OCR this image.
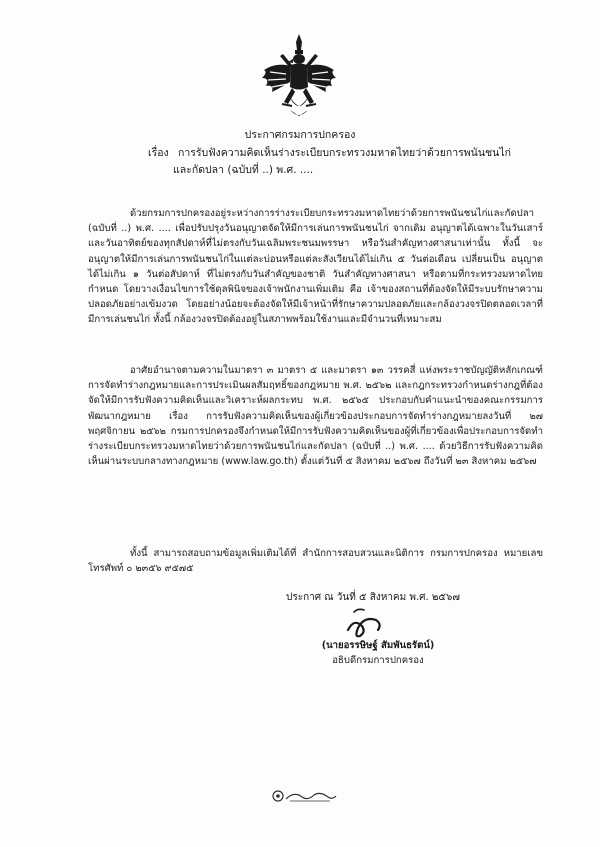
ประกาศกรมการปกครอง
เรื่อง การรับฟังความคิดเห็นร่างระเบียบกระทรวงมหาดไทยว่าด้วยการพนันชนไก่
และกัดปลา (ฉบับที่ ..) พ.ศ. ....

ด้วยกรมการปกครองอยู่ระหว่างการร่างระเบียบกระทรวงมหาดไทยว่าด้วยการพนันชนไก่และกัดปลา (ฉบับที่ ..) พ.ศ. .... เพื่อปรับปรุงวันอนุญาตจัดให้มีการเล่นการพนันชนไก่ จากเดิม อนุญาตได้เฉพาะในวันเสาร์และวันอาทิตย์ของทุกสัปดาห์ที่ไม่ตรงกับวันเฉลิมพระชนมพรรษา หรือวันสำคัญทางศาสนาเท่านั้น ทั้งนี้ จะอนุญาตให้มีการเล่นการพนันชนไก่ในแต่ละบ่อนหรือแต่ละสังเวียนได้ไม่เกิน ๕ วันต่อเดือน เปลี่ยนเป็น อนุญาตได้ไม่เกิน ๑ วันต่อสัปดาห์ ที่ไม่ตรงกับวันสำคัญของชาติ วันสำคัญทางศาสนา หรือตามที่กระทรวงมหาดไทยกำหนด โดยวางเงื่อนไขการใช้ดุลพินิจของเจ้าพนักงานเพิ่มเติม คือ เจ้าของสถานที่ต้องจัดให้มีระบบรักษาความปลอดภัยอย่างเข้มงวด โดยอย่างน้อยจะต้องจัดให้มีเจ้าหน้าที่รักษาความปลอดภัยและกล้องวงจรปิดตลอดเวลาที่มีการเล่นชนไก่ ทั้งนี้ กล้องวงจรปิดต้องอยู่ในสภาพพร้อมใช้งานและมีจำนวนที่เหมาะสม

อาศัยอำนาจตามความในมาตรา ๓ มาตรา ๕ และมาตรา ๑๓ วรรคสี่ แห่งพระราชบัญญัติหลักเกณฑ์การจัดทำร่างกฎหมายและการประเมินผลสัมฤทธิ์ของกฎหมาย พ.ศ. ๒๕๖๒ และกฎกระทรวงกำหนดร่างกฎที่ต้องจัดให้มีการรับฟังความคิดเห็นและวิเคราะห์ผลกระทบ พ.ศ. ๒๕๖๕ ประกอบกับคำแนะนำของคณะกรรมการพัฒนากฎหมาย เรื่อง การรับฟังความคิดเห็นของผู้เกี่ยวข้องประกอบการจัดทำร่างกฎหมายลงวันที่ ๒๗ พฤศจิกายน ๒๕๖๒ กรมการปกครองจึงกำหนดให้มีการรับฟังความคิดเห็นของผู้ที่เกี่ยวข้องเพื่อประกอบการจัดทำร่างระเบียบกระทรวงมหาดไทยว่าด้วยการพนันชนไก่และกัดปลา (ฉบับที่ ..) พ.ศ. .... ด้วยวิธีการรับฟังความคิดเห็นผ่านระบบกลางทางกฎหมาย (www.law.go.th) ตั้งแต่วันที่ ๕ สิงหาคม ๒๕๖๗ ถึงวันที่ ๒๓ สิงหาคม ๒๕๖๗

ทั้งนี้ สามารถสอบถามข้อมูลเพิ่มเติมได้ที่ สำนักการสอบสวนและนิติการ กรมการปกครอง หมายเลขโทรศัพท์ ๐ ๒๓๕๖ ๙๕๗๕

ประกาศ ณ วันที่ ๕ สิงหาคม พ.ศ. ๒๕๖๗
(นายอรรษิษฐ์ สัมพันธรัตน์)
อธิบดีกรมการปกครอง
